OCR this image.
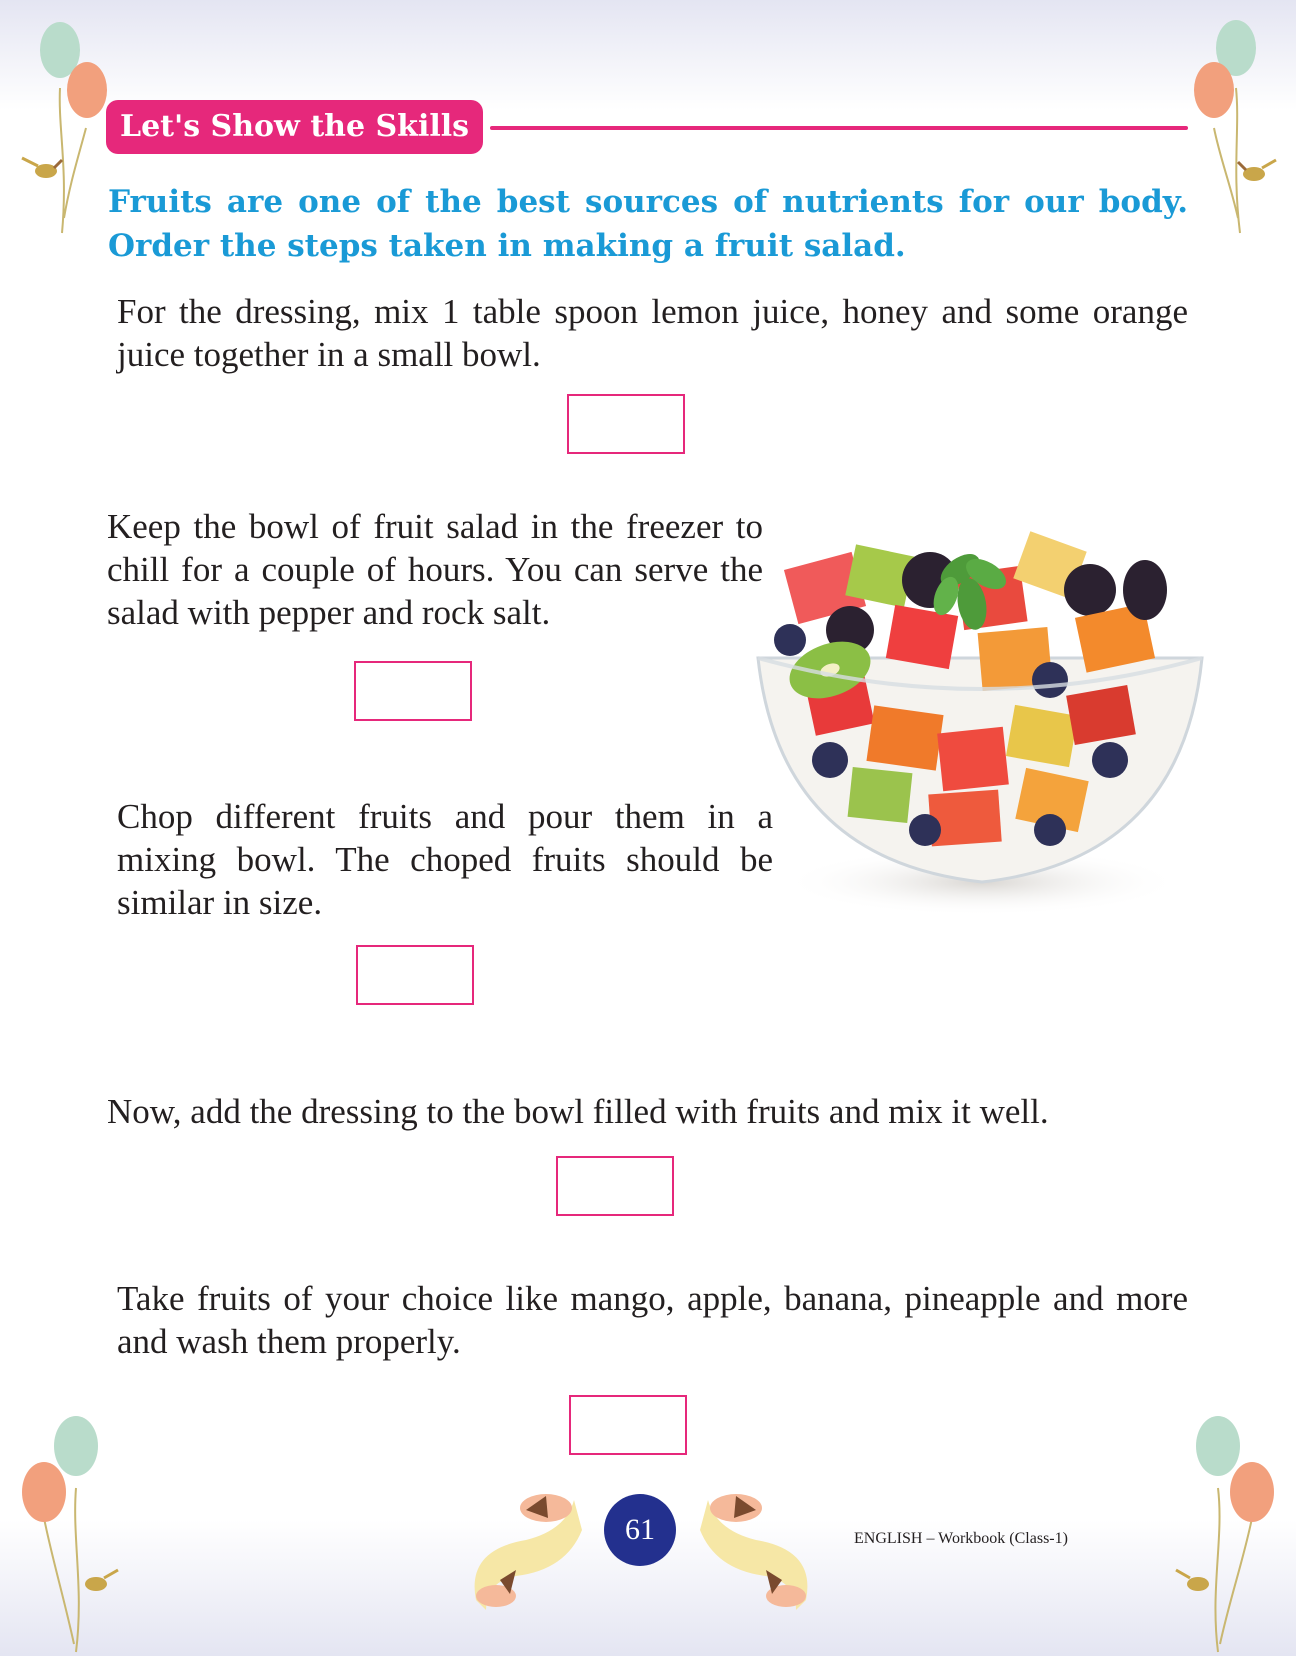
Let's Show the Skills

Fruits are one of the best sources of nutrients for our body. Order the steps taken in making a fruit salad.

For the dressing, mix 1 table spoon lemon juice, honey and some orange juice together in a small bowl.

Keep the bowl of fruit salad in the freezer to chill for a couple of hours. You can serve the salad with pepper and rock salt.

Chop different fruits and pour them in a mixing bowl. The choped fruits should be similar in size.

Now, add the dressing to the bowl filled with fruits and mix it well.

Take fruits of your choice like mango, apple, banana, pineapple and more and wash them properly.

61	ENGLISH – Workbook (Class-1)
